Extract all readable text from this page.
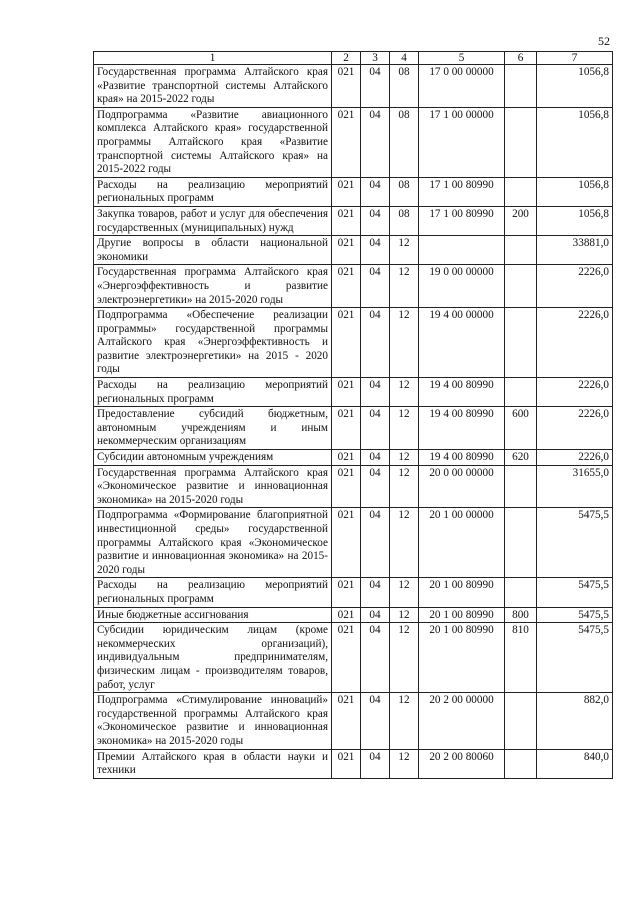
52
1	2	3	4	5	6	7
Государственная программа Алтайского края «Развитие транспортной системы Алтайского края» на 2015-2022 годы	021	04	08	17 0 00 00000		1056,8
Подпрограмма «Развитие авиационного комплекса Алтайского края» государственной программы Алтайского края «Развитие транспортной системы Алтайского края» на 2015-2022 годы	021	04	08	17 1 00 00000		1056,8
Расходы на реализацию мероприятий региональных программ	021	04	08	17 1 00 80990		1056,8
Закупка товаров, работ и услуг для обеспечения государственных (муниципальных) нужд	021	04	08	17 1 00 80990	200	1056,8
Другие вопросы в области национальной экономики	021	04	12			33881,0
Государственная программа Алтайского края «Энергоэффективность и развитие электроэнергетики» на 2015-2020 годы	021	04	12	19 0 00 00000		2226,0
Подпрограмма «Обеспечение реализации программы» государственной программы Алтайского края «Энергоэффективность и развитие электроэнергетики» на 2015 - 2020 годы	021	04	12	19 4 00 00000		2226,0
Расходы на реализацию мероприятий региональных программ	021	04	12	19 4 00 80990		2226,0
Предоставление субсидий бюджетным, автономным учреждениям и иным некоммерческим организациям	021	04	12	19 4 00 80990	600	2226,0
Субсидии автономным учреждениям	021	04	12	19 4 00 80990	620	2226,0
Государственная программа Алтайского края «Экономическое развитие и инновационная экономика» на 2015-2020 годы	021	04	12	20 0 00 00000		31655,0
Подпрограмма «Формирование благоприятной инвестиционной среды» государственной программы Алтайского края «Экономическое развитие и инновационная экономика» на 2015-2020 годы	021	04	12	20 1 00 00000		5475,5
Расходы на реализацию мероприятий региональных программ	021	04	12	20 1 00 80990		5475,5
Иные бюджетные ассигнования	021	04	12	20 1 00 80990	800	5475,5
Субсидии юридическим лицам (кроме некоммерческих организаций), индивидуальным предпринимателям, физическим лицам - производителям товаров, работ, услуг	021	04	12	20 1 00 80990	810	5475,5
Подпрограмма «Стимулирование инноваций» государственной программы Алтайского края «Экономическое развитие и инновационная экономика» на 2015-2020 годы	021	04	12	20 2 00 00000		882,0
Премии Алтайского края в области науки и техники	021	04	12	20 2 00 80060		840,0
